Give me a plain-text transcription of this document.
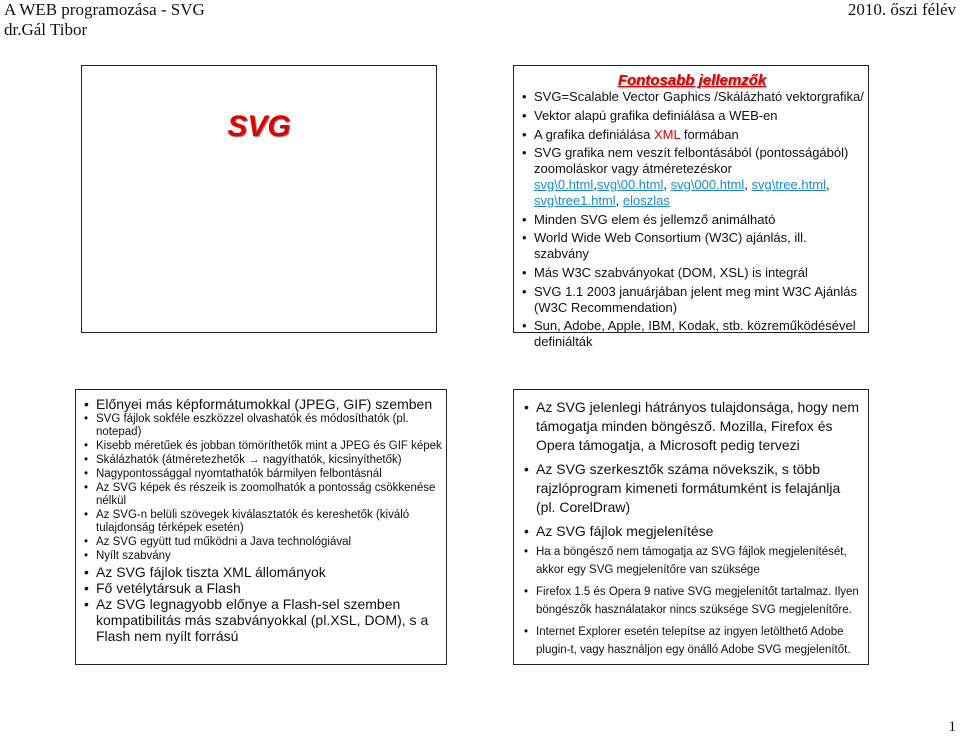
A WEB programozása - SVG
dr.Gál Tibor
2010. őszi félév
SVG
Fontosabb jellemzők
• SVG=Scalable Vector Gaphics /Skálázható vektorgrafika/
• Vektor alapú grafika definiálása a WEB-en
• A grafika definiálása XML formában
• SVG grafika nem veszít felbontásából (pontosságából) zoomoláskor vagy átméretezéskor svg\0.html,svg\00.html, svg\000.html, svg\tree.html, svg\tree1.html, eloszlas
• Minden SVG elem és jellemző animálható
• World Wide Web Consortium (W3C) ajánlás, ill. szabvány
• Más W3C szabványokat (DOM, XSL) is integrál
• SVG 1.1 2003 januárjában jelent meg mint W3C Ajánlás (W3C Recommendation)
• Sun, Adobe, Apple, IBM, Kodak, stb. közreműködésével definiálták
• Előnyei más képformátumokkal (JPEG, GIF) szemben
• SVG fájlok sokféle eszközzel olvashatók és módosíthatók (pl. notepad)
• Kisebb méretűek és jobban tömöríthetők mint a JPEG és GIF képek
• Skálázhatók (átméretezhetők → nagyíthatók, kicsinyíthetők)
• Nagypontossággal nyomtathatók bármilyen felbontásnál
• Az SVG képek és részeik is zoomolhatók a pontosság csökkenése nélkül
• Az SVG-n belüli szövegek kiválasztatók és kereshetők (kiváló tulajdonság térképek esetén)
• Az SVG együtt tud működni a Java technológiával
• Nyílt szabvány
• Az SVG fájlok tiszta XML állományok
• Fő vetélytársuk a Flash
• Az SVG legnagyobb előnye a Flash-sel szemben kompatibilitás más szabványokkal (pl.XSL, DOM), s a Flash nem nyílt forrású
• Az SVG jelenlegi hátrányos tulajdonsága, hogy nem támogatja minden böngésző. Mozilla, Firefox és Opera támogatja, a Microsoft pedig tervezi
• Az SVG szerkesztők száma növekszik, s több rajzlóprogram kimeneti formátumként is felajánlja (pl. CorelDraw)
• Az SVG fájlok megjelenítése
• Ha a böngésző nem támogatja az SVG fájlok megjelenítését, akkor egy SVG megjelenítőre van szüksége
• Firefox 1.5 és Opera 9 native SVG megjelenítőt tartalmaz. Ilyen böngészők használatakor nincs szüksége SVG megjelenítőre.
• Internet Explorer esetén telepítse az ingyen letölthető Adobe plugin-t, vagy használjon egy önálló Adobe SVG megjelenítőt.
1
